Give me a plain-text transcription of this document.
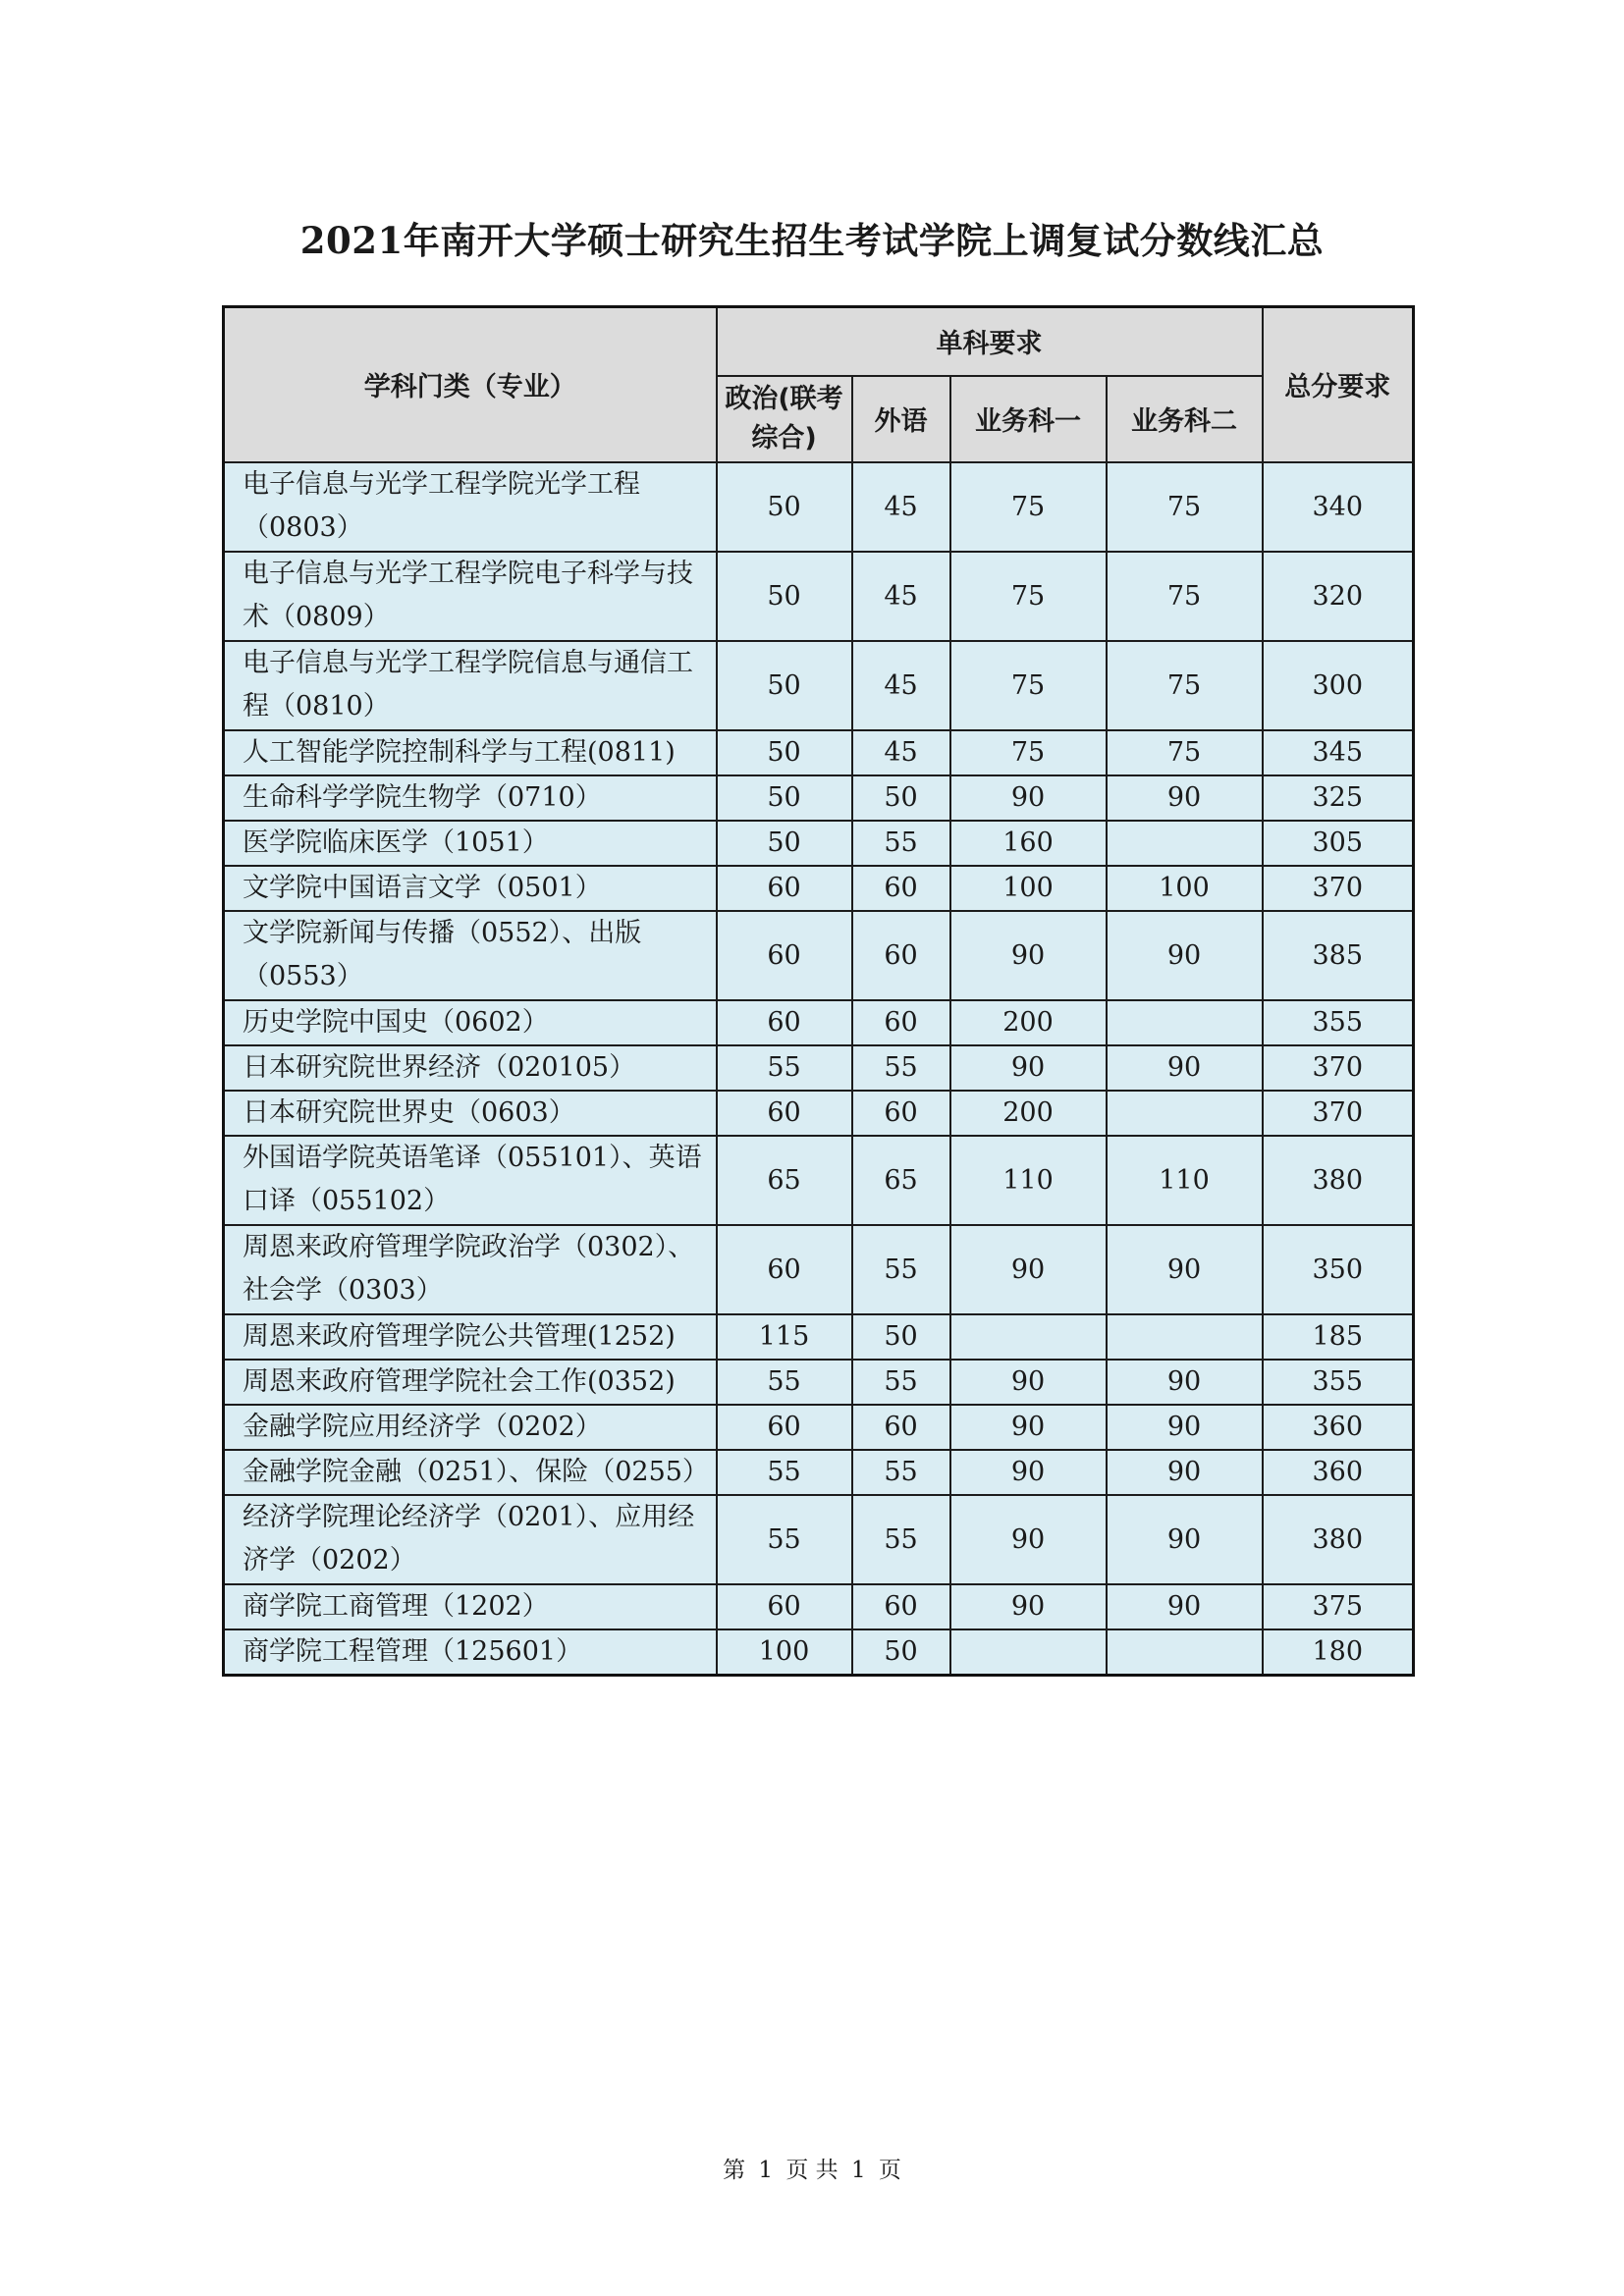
2021年南开大学硕士研究生招生考试学院上调复试分数线汇总
学科门类（专业）	单科要求				总分要求
	政治(联考综合)	外语	业务科一	业务科二	
电子信息与光学工程学院光学工程（0803）	50	45	75	75	340
电子信息与光学工程学院电子科学与技术（0809）	50	45	75	75	320
电子信息与光学工程学院信息与通信工程（0810）	50	45	75	75	300
人工智能学院控制科学与工程(0811)	50	45	75	75	345
生命科学学院生物学（0710）	50	50	90	90	325
医学院临床医学（1051）	50	55	160		305
文学院中国语言文学（0501）	60	60	100	100	370
文学院新闻与传播（0552）、出版（0553）	60	60	90	90	385
历史学院中国史（0602）	60	60	200		355
日本研究院世界经济（020105）	55	55	90	90	370
日本研究院世界史（0603）	60	60	200		370
外国语学院英语笔译（055101）、英语口译（055102）	65	65	110	110	380
周恩来政府管理学院政治学（0302）、社会学（0303）	60	55	90	90	350
周恩来政府管理学院公共管理(1252)	115	50			185
周恩来政府管理学院社会工作(0352)	55	55	90	90	355
金融学院应用经济学（0202）	60	60	90	90	360
金融学院金融（0251）、保险（0255）	55	55	90	90	360
经济学院理论经济学（0201）、应用经济学（0202）	55	55	90	90	380
商学院工商管理（1202）	60	60	90	90	375
商学院工程管理（125601）	100	50			180
第 1 页 共 1 页
